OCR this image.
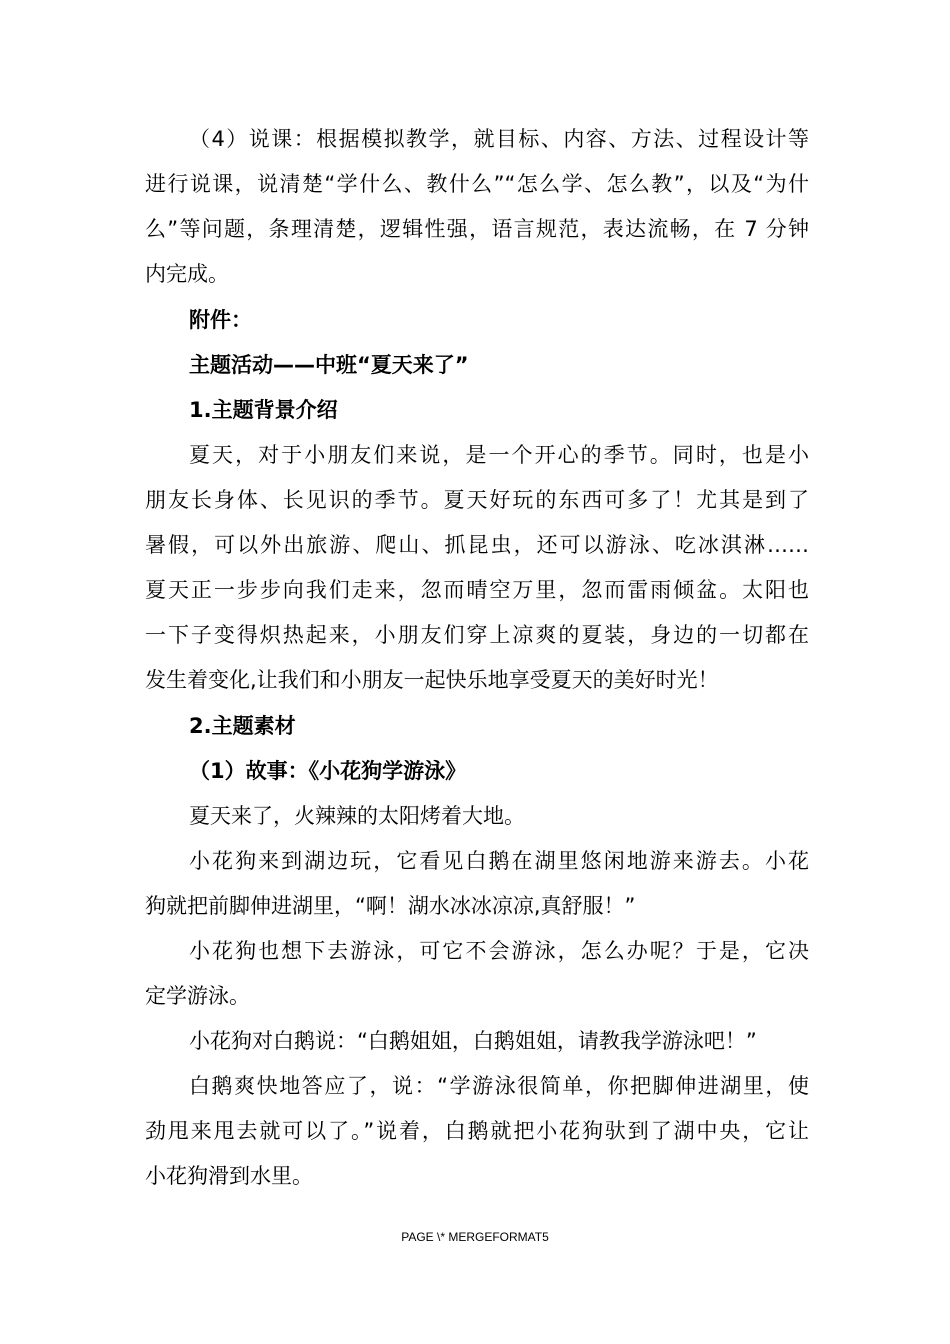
（4）说课：根据模拟教学，就目标、内容、方法、过程设计等
进行说课，说清楚“学什么、教什么”“怎么学、怎么教”，以及“为什
么”等问题，条理清楚，逻辑性强，语言规范，表达流畅，在 7 分钟
内完成。
附件：
主题活动——中班“夏天来了”
1.主题背景介绍
夏天，对于小朋友们来说，是一个开心的季节。同时，也是小
朋友长身体、长见识的季节。夏天好玩的东西可多了！尤其是到了
暑假，可以外出旅游、爬山、抓昆虫，还可以游泳、吃冰淇淋……
夏天正一步步向我们走来，忽而晴空万里，忽而雷雨倾盆。太阳也
一下子变得炽热起来，小朋友们穿上凉爽的夏装，身边的一切都在
发生着变化,让我们和小朋友一起快乐地享受夏天的美好时光！
2.主题素材
（1）故事：《小花狗学游泳》
夏天来了，火辣辣的太阳烤着大地。
小花狗来到湖边玩，它看见白鹅在湖里悠闲地游来游去。小花
狗就把前脚伸进湖里，“啊！湖水冰冰凉凉,真舒服！”
小花狗也想下去游泳，可它不会游泳，怎么办呢？于是，它决
定学游泳。
小花狗对白鹅说：“白鹅姐姐，白鹅姐姐，请教我学游泳吧！”
白鹅爽快地答应了，说：“学游泳很简单，你把脚伸进湖里，使
劲甩来甩去就可以了。”说着，白鹅就把小花狗驮到了湖中央，它让
小花狗滑到水里。
PAGE \* MERGEFORMAT5
